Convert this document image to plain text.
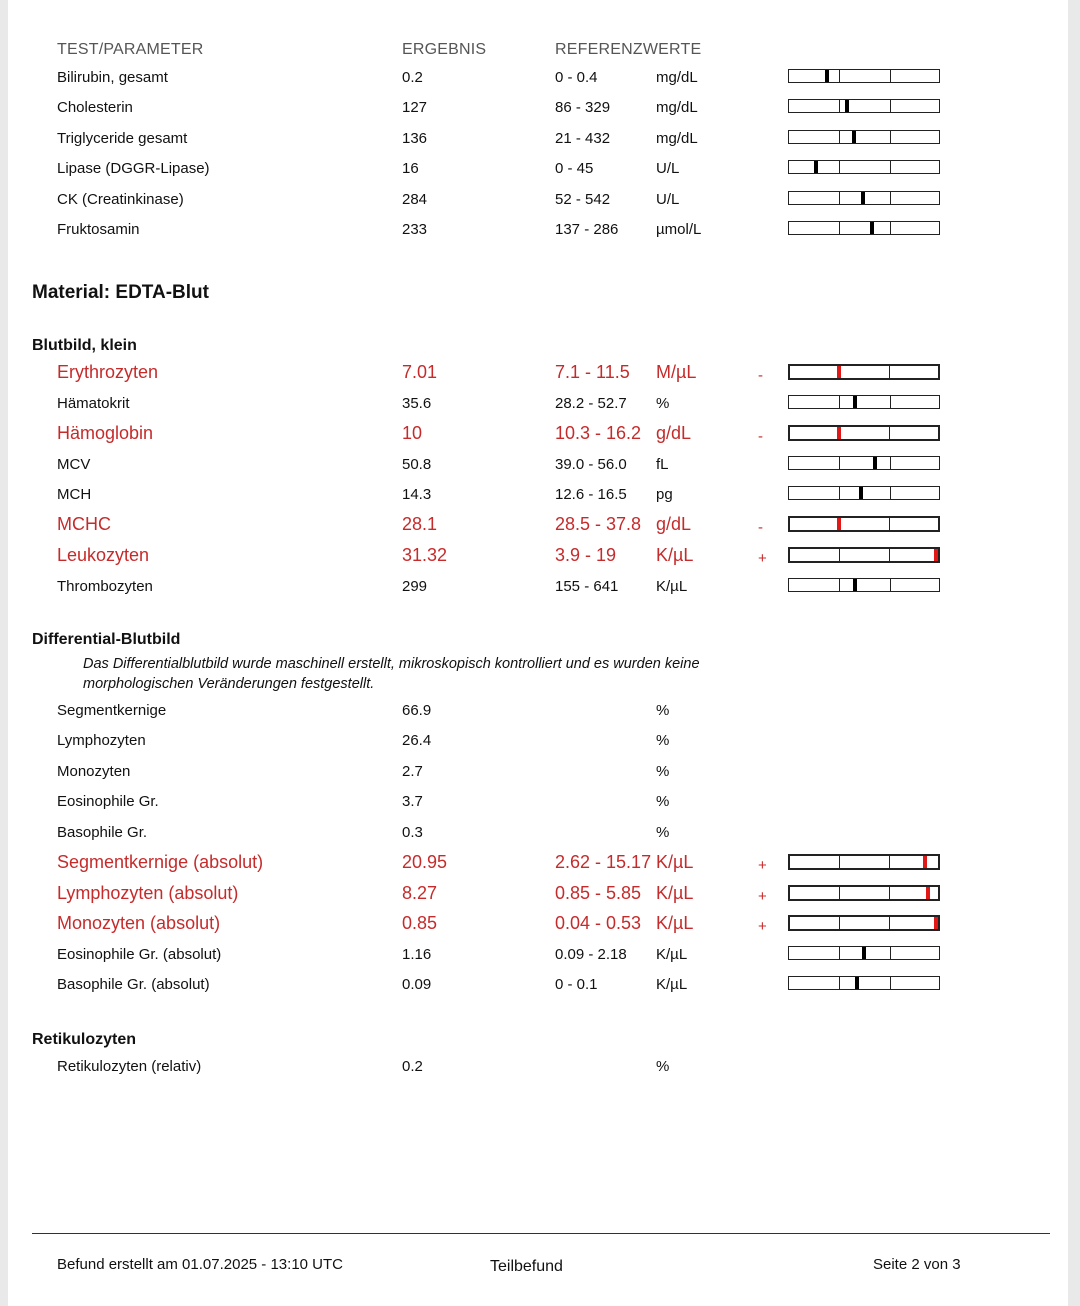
TEST/PARAMETER	ERGEBNIS	REFERENZWERTE
Bilirubin, gesamt	0.2	0 - 0.4	mg/dL
Cholesterin	127	86 - 329	mg/dL
Triglyceride gesamt	136	21 - 432	mg/dL
Lipase (DGGR-Lipase)	16	0 - 45	U/L
CK (Creatinkinase)	284	52 - 542	U/L
Fruktosamin	233	137 - 286	µmol/L
Material: EDTA-Blut
Blutbild, klein
Erythrozyten	7.01	7.1 - 11.5 M/µL	-
Hämatokrit	35.6	28.2 - 52.7 %
Hämoglobin	10	10.3 - 16.2 g/dL	-
MCV	50.8	39.0 - 56.0 fL
MCH	14.3	12.6 - 16.5 pg
MCHC	28.1	28.5 - 37.8 g/dL	-
Leukozyten	31.32	3.9 - 19 K/µL	+
Thrombozyten	299	155 - 641	K/µL
Differential-Blutbild
Das Differentialblutbild wurde maschinell erstellt, mikroskopisch kontrolliert und es wurden keine
morphologischen Veränderungen festgestellt.
Segmentkernige	66.9	%
Lymphozyten	26.4	%
Monozyten	2.7	%
Eosinophile Gr.	3.7	%
Basophile Gr.	0.3	%
Segmentkernige (absolut)	20.95	2.62 - 15.17 K/µL	+
Lymphozyten (absolut)	8.27	0.85 - 5.85 K/µL	+
Monozyten (absolut)	0.85	0.04 - 0.53 K/µL	+
Eosinophile Gr. (absolut)	1.16	0.09 - 2.18 K/µL
Basophile Gr. (absolut)	0.09	0 - 0.1	K/µL
Retikulozyten
Retikulozyten (relativ)	0.2	%
Befund erstellt am 01.07.2025 - 13:10 UTC	Teilbefund	Seite 2 von 3
